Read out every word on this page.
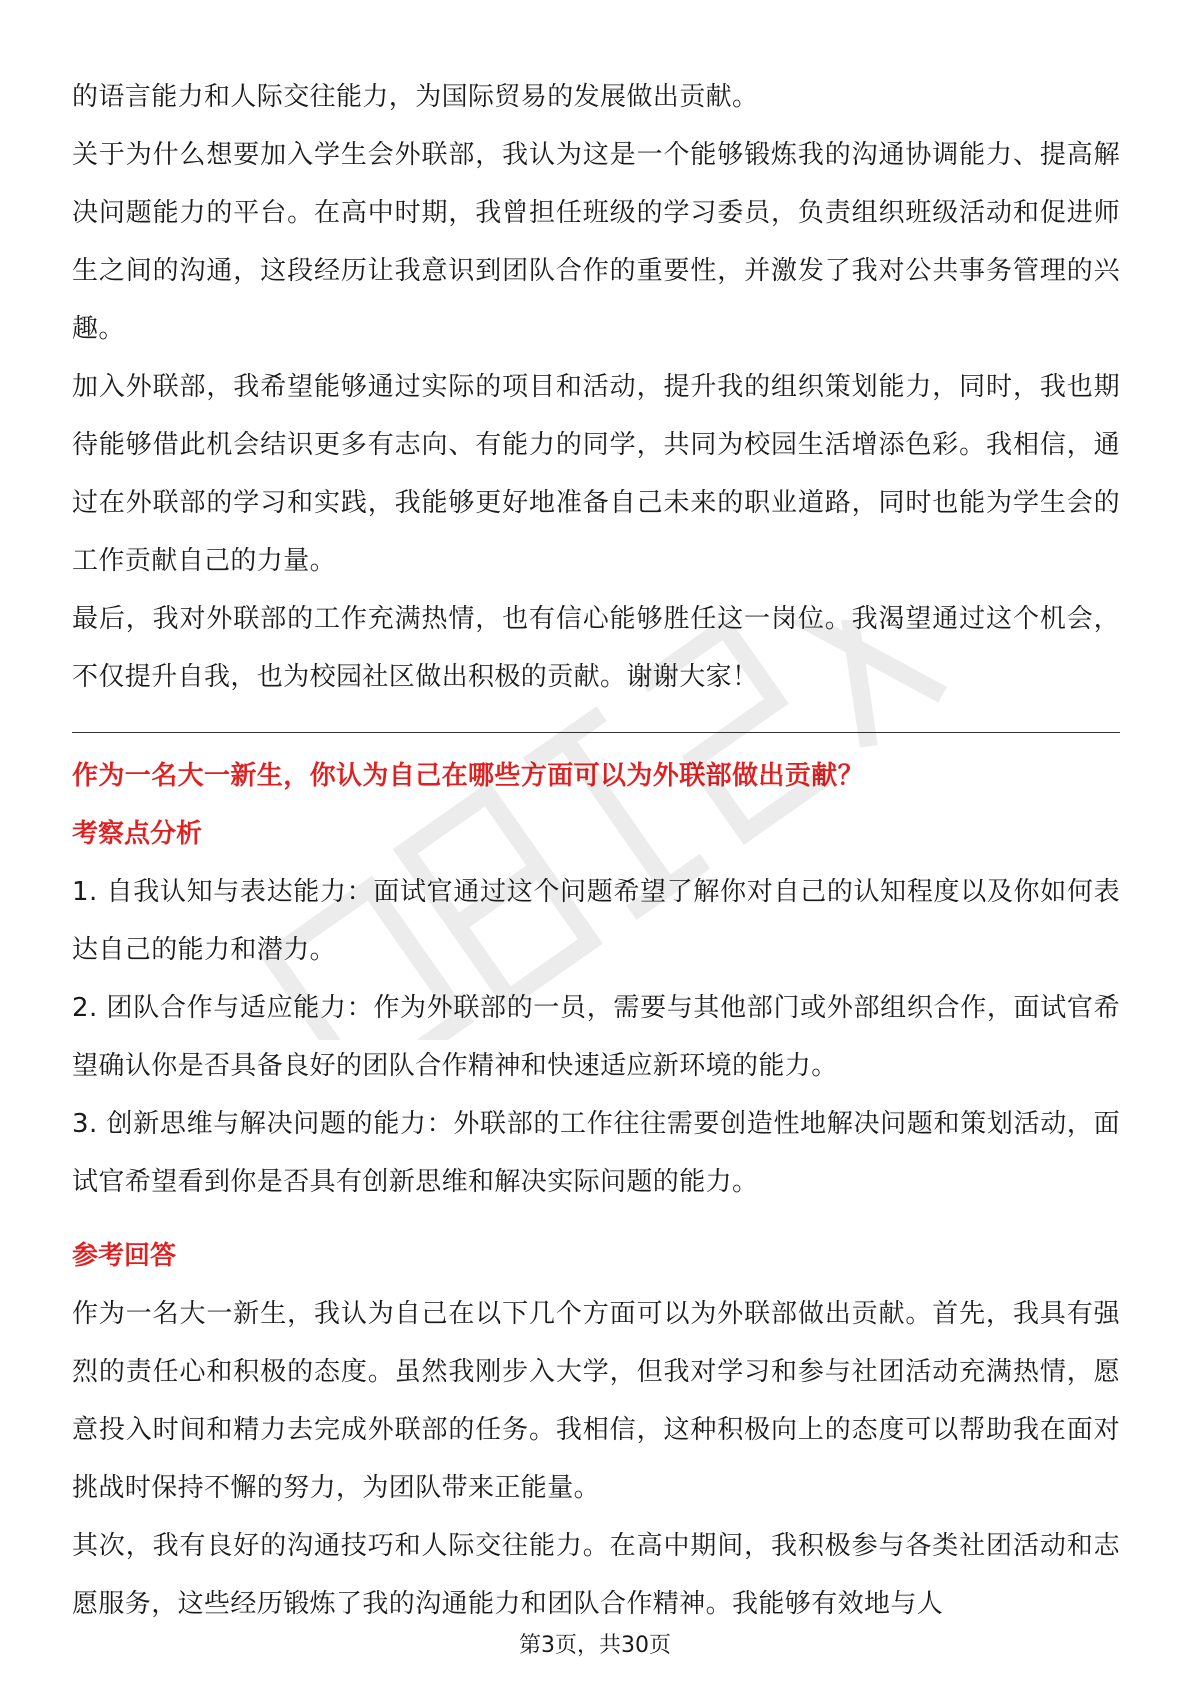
的语言能力和人际交往能力，为国际贸易的发展做出贡献。

关于为什么想要加入学生会外联部，我认为这是一个能够锻炼我的沟通协调能力、提高解决问题能力的平台。在高中时期，我曾担任班级的学习委员，负责组织班级活动和促进师生之间的沟通，这段经历让我意识到团队合作的重要性，并激发了我对公共事务管理的兴趣。

加入外联部，我希望能够通过实际的项目和活动，提升我的组织策划能力，同时，我也期待能够借此机会结识更多有志向、有能力的同学，共同为校园生活增添色彩。我相信，通过在外联部的学习和实践，我能够更好地准备自己未来的职业道路，同时也能为学生会的工作贡献自己的力量。

最后，我对外联部的工作充满热情，也有信心能够胜任这一岗位。我渴望通过这个机会，不仅提升自我，也为校园社区做出积极的贡献。谢谢大家！

作为一名大一新生，你认为自己在哪些方面可以为外联部做出贡献？

考察点分析

1. 自我认知与表达能力：面试官通过这个问题希望了解你对自己的认知程度以及你如何表达自己的能力和潜力。

2. 团队合作与适应能力：作为外联部的一员，需要与其他部门或外部组织合作，面试官希望确认你是否具备良好的团队合作精神和快速适应新环境的能力。

3. 创新思维与解决问题的能力：外联部的工作往往需要创造性地解决问题和策划活动，面试官希望看到你是否具有创新思维和解决实际问题的能力。

参考回答

作为一名大一新生，我认为自己在以下几个方面可以为外联部做出贡献。首先，我具有强烈的责任心和积极的态度。虽然我刚步入大学，但我对学习和参与社团活动充满热情，愿意投入时间和精力去完成外联部的任务。我相信，这种积极向上的态度可以帮助我在面对挑战时保持不懈的努力，为团队带来正能量。

其次，我有良好的沟通技巧和人际交往能力。在高中期间，我积极参与各类社团活动和志愿服务，这些经历锻炼了我的沟通能力和团队合作精神。我能够有效地与人

第3页，共30页
